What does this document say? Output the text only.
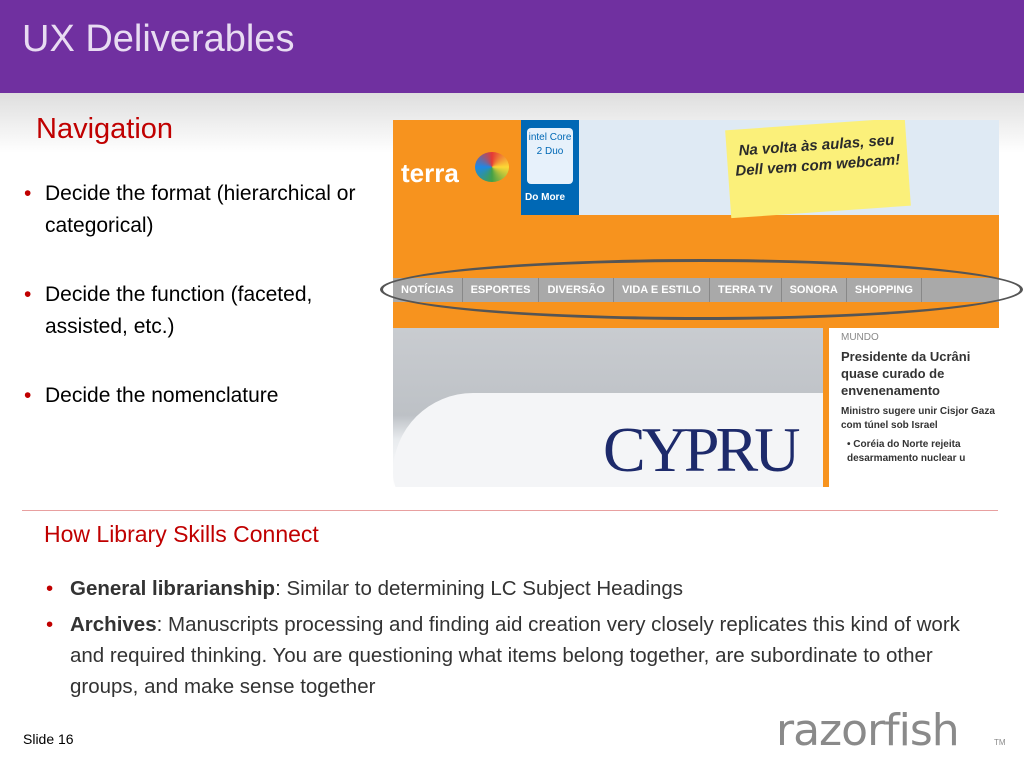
UX Deliverables
Navigation
• Decide the format (hierarchical or categorical)
• Decide the function (faceted, assisted, etc.)
• Decide the nomenclature
terra
intel Core 2 Duo
Do More
Na volta às aulas, seu Dell vem com webcam!
NOTÍCIAS	ESPORTES	DIVERSÃO	VIDA E ESTILO	TERRA TV	SONORA	SHOPPING
CYPRU
MUNDO
Presidente da Ucrâni quase curado de envenenamento
Ministro sugere unir Cisjor Gaza com túnel sob Israel
• Coréia do Norte rejeita desarmamento nuclear u
How Library Skills Connect
• General librarianship: Similar to determining LC Subject Headings
• Archives: Manuscripts processing and finding aid creation very closely replicates this kind of work and required thinking. You are questioning what items belong together, are subordinate to other groups, and make sense together
Slide 16	razorfish	TM
